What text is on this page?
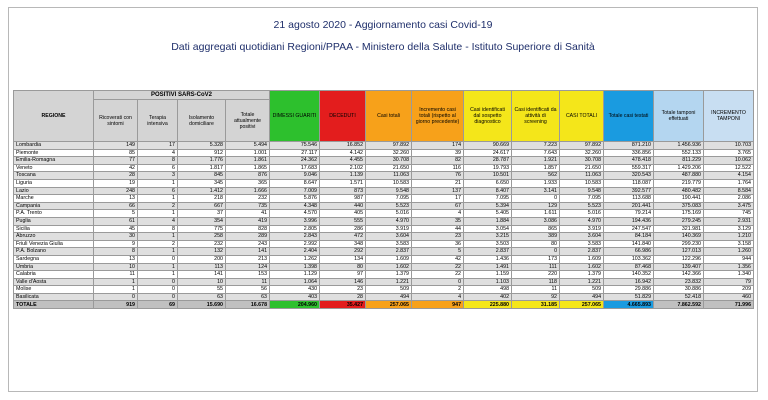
21 agosto 2020 - Aggiornamento casi Covid-19
Dati aggregati quotidiani Regioni/PPAA - Ministero della Salute - Istituto Superiore di Sanità
REGIONE	POSITIVI SARS-CoV2				DIMESSI GUARITI	DECEDUTI	Casi totali	Incremento casi totali (rispetto al giorno precedente)	Casi identificati dal sospetto diagnostico	Casi identificati da attività di screening	CASI TOTALI	Totale casi testati	Totale tamponi effettuati	INCREMENTO TAMPONI
	Ricoverati con sintomi	Terapia intensiva	Isolamento domiciliare	Totale attualmente positivi										
Lombardia	149	17	5.328	5.494	75.546	16.852	97.892	174	90.669	7.223	97.892	871.210	1.456.936	10.703
Piemonte	85	4	912	1.001	27.117	4.142	32.260	39	24.617	7.643	32.260	336.856	552.133	3.765
Emilia-Romagna	77	8	1.776	1.861	24.362	4.455	30.708	82	28.787	1.921	30.708	478.418	811.229	10.062
Veneto	42	6	1.817	1.865	17.683	2.102	21.650	116	19.793	1.857	21.650	559.317	1.429.206	12.522
Toscana	28	3	845	876	9.046	1.139	11.063	76	10.501	562	11.063	320.543	487.880	4.154
Liguria	19	1	345	365	8.647	1.571	10.583	21	6.650	1.933	10.583	118.087	219.779	1.764
Lazio	248	6	1.412	1.666	7.009	873	9.548	137	8.407	3.141	9.548	392.577	480.482	8.584
Marche	13	1	218	232	5.876	987	7.095	17	7.095	0	7.095	113.688	190.441	2.086
Campania	66	2	667	735	4.348	440	5.523	67	5.394	129	5.523	201.441	375.083	3.475
P.A. Trento	5	1	37	41	4.570	405	5.016	4	5.405	1.611	5.016	79.214	175.169	745
Puglia	61	4	354	419	3.996	555	4.970	35	1.884	3.086	4.970	194.436	279.245	2.931
Sicilia	45	8	775	828	2.805	286	3.919	44	3.054	865	3.919	247.547	321.981	3.129
Abruzzo	30	1	258	289	2.843	472	3.604	23	3.215	389	3.604	84.184	140.369	1.210
Friuli Venezia Giulia	9	2	232	243	2.992	348	3.583	36	3.503	80	3.583	141.840	299.230	3.158
P.A. Bolzano	8	1	132	141	2.404	292	2.837	5	2.837	0	2.837	66.986	127.013	1.260
Sardegna	13	0	200	213	1.262	134	1.609	42	1.436	173	1.609	103.362	122.296	944
Umbria	10	1	113	124	1.398	80	1.602	22	1.491	111	1.602	87.468	139.407	1.356
Calabria	11	1	141	153	1.129	97	1.379	22	1.159	220	1.379	140.352	142.366	1.340
Valle d'Aosta	1	0	10	11	1.064	146	1.221	0	1.103	118	1.221	16.942	23.832	79
Molise	1	0	55	56	430	23	509	2	498	11	509	29.886	30.886	209
Basilicata	0	0	63	63	403	28	494	4	402	92	494	51.829	52.418	460
TOTALE	919	69	15.690	16.678	204.960	35.427	257.065	947	225.880	31.185	257.065	4.665.893	7.862.592	71.996
